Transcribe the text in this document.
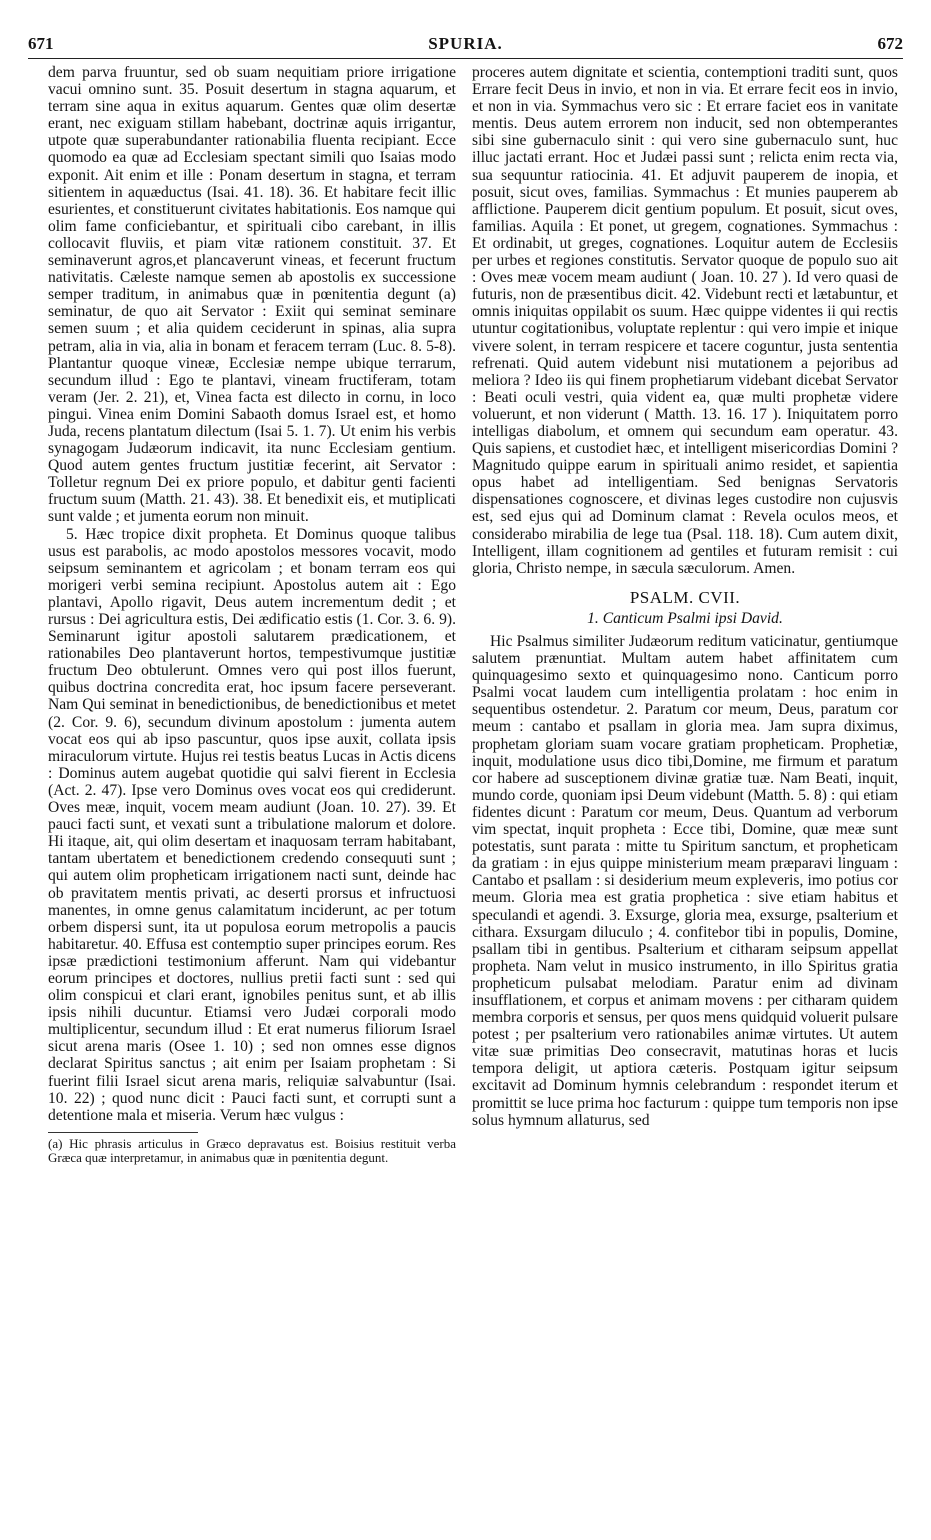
671	SPURIA.	672

dem parva fruuntur, sed ob suam nequitiam priore irrigatione vacui omnino sunt. 35. Posuit desertum in stagna aquarum, et terram sine aqua in exitus aquarum. Gentes quæ olim desertæ erant, nec exiguam stillam habebant, doctrinæ aquis irrigantur, utpote quæ superabundanter rationabilia fluenta recipiant. Ecce quomodo ea quæ ad Ecclesiam spectant simili quo Isaias modo exponit. Ait enim et ille : Ponam desertum in stagna, et terram sitientem in aquæductus (Isai. 41. 18). 36. Et habitare fecit illic esurientes, et constituerunt civitates habitationis. Eos namque qui olim fame conficiebantur, et spirituali cibo carebant, in illis collocavit fluviis, et piam vitæ rationem constituit. 37. Et seminaverunt agros,et plancaverunt vineas, et fecerunt fructum nativitatis. Cæleste namque semen ab apostolis ex successione semper traditum, in animabus quæ in pœnitentia degunt (a) seminatur, de quo ait Servator : Exiit qui seminat seminare semen suum ; et alia quidem ceciderunt in spinas, alia supra petram, alia in via, alia in bonam et feracem terram (Luc. 8. 5-8). Plantantur quoque vineæ, Ecclesiæ nempe ubique terrarum, secundum illud : Ego te plantavi, vineam fructiferam, totam veram (Jer. 2. 21), et, Vinea facta est dilecto in cornu, in loco pingui. Vinea enim Domini Sabaoth domus Israel est, et homo Juda, recens plantatum dilectum (Isai 5. 1. 7). Ut enim his verbis synagogam Judæorum indicavit, ita nunc Ecclesiam gentium. Quod autem gentes fructum justitiæ fecerint, ait Servator : Tolletur regnum Dei ex priore populo, et dabitur genti facienti fructum suum (Matth. 21. 43). 38. Et benedixit eis, et mutiplicati sunt valde ; et jumenta eorum non minuit.

5. Hæc tropice dixit propheta. Et Dominus quoque talibus usus est parabolis, ac modo apostolos messores vocavit, modo seipsum seminantem et agricolam ; et bonam terram eos qui morigeri verbi semina recipiunt. Apostolus autem ait : Ego plantavi, Apollo rigavit, Deus autem incrementum dedit ; et rursus : Dei agricultura estis, Dei ædificatio estis (1. Cor. 3. 6. 9). Seminarunt igitur apostoli salutarem prædicationem, et rationabiles Deo plantaverunt hortos, tempestivumque justitiæ fructum Deo obtulerunt. Omnes vero qui post illos fuerunt, quibus doctrina concredita erat, hoc ipsum facere perseverant. Nam Qui seminat in benedictionibus, de benedictionibus et metet (2. Cor. 9. 6), secundum divinum apostolum : jumenta autem vocat eos qui ab ipso pascuntur, quos ipse auxit, collata ipsis miraculorum virtute. Hujus rei testis beatus Lucas in Actis dicens : Dominus autem augebat quotidie qui salvi fierent in Ecclesia (Act. 2. 47). Ipse vero Dominus oves vocat eos qui crediderunt. Oves meæ, inquit, vocem meam audiunt (Joan. 10. 27). 39. Et pauci facti sunt, et vexati sunt a tribulatione malorum et dolore. Hi itaque, ait, qui olim desertam et inaquosam terram habitabant, tantam ubertatem et benedictionem credendo consequuti sunt ; qui autem olim propheticam irrigationem nacti sunt, deinde hac ob pravitatem mentis privati, ac deserti prorsus et infructuosi manentes, in omne genus calamitatum inciderunt, ac per totum orbem dispersi sunt, ita ut populosa eorum metropolis a paucis habitaretur. 40. Effusa est contemptio super principes eorum. Res ipsæ prædictioni testimonium afferunt. Nam qui videbantur eorum principes et doctores, nullius pretii facti sunt : sed qui olim conspicui et clari erant, ignobiles penitus sunt, et ab illis ipsis nihili ducuntur. Etiamsi vero Judæi corporali modo multiplicentur, secundum illud : Et erat numerus filiorum Israel sicut arena maris (Osee 1. 10) ; sed non omnes esse dignos declarat Spiritus sanctus ; ait enim per Isaiam prophetam : Si fuerint filii Israel sicut arena maris, reliquiæ salvabuntur (Isai. 10. 22) ; quod nunc dicit : Pauci facti sunt, et corrupti sunt a detentione mala et miseria. Verum hæc vulgus :

(a) Hic phrasis articulus in Græco depravatus est. Boisius restituit verba Græca quæ interpretamur, in animabus quæ in pœnitentia degunt.

proceres autem dignitate et scientia, contemptioni traditi sunt, quos Errare fecit Deus in invio, et non in via. Et errare fecit eos in invio, et non in via. Symmachus vero sic : Et errare faciet eos in vanitate mentis. Deus autem errorem non inducit, sed non obtemperantes sibi sine gubernaculo sinit : qui vero sine gubernaculo sunt, huc illuc jactati errant. Hoc et Judæi passi sunt ; relicta enim recta via, sua sequuntur ratiocinia. 41. Et adjuvit pauperem de inopia, et posuit, sicut oves, familias. Symmachus : Et munies pauperem ab afflictione. Pauperem dicit gentium populum. Et posuit, sicut oves, familias. Aquila : Et ponet, ut gregem, cognationes. Symmachus : Et ordinabit, ut greges, cognationes. Loquitur autem de Ecclesiis per urbes et regiones constitutis. Servator quoque de populo suo ait : Oves meæ vocem meam audiunt ( Joan. 10. 27 ). Id vero quasi de futuris, non de præsentibus dicit. 42. Videbunt recti et lætabuntur, et omnis iniquitas oppilabit os suum. Hæc quippe videntes ii qui rectis utuntur cogitationibus, voluptate replentur : qui vero impie et inique vivere solent, in terram respicere et tacere coguntur, justa sententia refrenati. Quid autem videbunt nisi mutationem a pejoribus ad meliora ? Ideo iis qui finem prophetiarum videbant dicebat Servator : Beati oculi vestri, quia vident ea, quæ multi prophetæ videre voluerunt, et non viderunt ( Matth. 13. 16. 17 ). Iniquitatem porro intelligas diabolum, et omnem qui secundum eam operatur. 43. Quis sapiens, et custodiet hæc, et intelligent misericordias Domini ? Magnitudo quippe earum in spirituali animo residet, et sapientia opus habet ad intelligentiam. Sed benignas Servatoris dispensationes cognoscere, et divinas leges custodire non cujusvis est, sed ejus qui ad Dominum clamat : Revela oculos meos, et considerabo mirabilia de lege tua (Psal. 118. 18). Cum autem dixit, Intelligent, illam cognitionem ad gentiles et futuram remisit : cui gloria, Christo nempe, in sæcula sæculorum. Amen.

PSALM. CVII.
1. Canticum Psalmi ipsi David.

Hic Psalmus similiter Judæorum reditum vaticinatur, gentiumque salutem prænuntiat. Multam autem habet affinitatem cum quinquagesimo sexto et quinquagesimo nono. Canticum porro Psalmi vocat laudem cum intelligentia prolatam : hoc enim in sequentibus ostendetur. 2. Paratum cor meum, Deus, paratum cor meum : cantabo et psallam in gloria mea. Jam supra diximus, prophetam gloriam suam vocare gratiam propheticam. Prophetiæ, inquit, modulatione usus dico tibi,Domine, me firmum et paratum cor habere ad susceptionem divinæ gratiæ tuæ. Nam Beati, inquit, mundo corde, quoniam ipsi Deum videbunt (Matth. 5. 8) : qui etiam fidentes dicunt : Paratum cor meum, Deus. Quantum ad verborum vim spectat, inquit propheta : Ecce tibi, Domine, quæ meæ sunt potestatis, sunt parata : mitte tu Spiritum sanctum, et propheticam da gratiam : in ejus quippe ministerium meam præparavi linguam : Cantabo et psallam : si desiderium meum expleveris, imo potius cor meum. Gloria mea est gratia prophetica : sive etiam habitus et speculandi et agendi. 3. Exsurge, gloria mea, exsurge, psalterium et cithara. Exsurgam diluculo ; 4. confitebor tibi in populis, Domine, psallam tibi in gentibus. Psalterium et citharam seipsum appellat propheta. Nam velut in musico instrumento, in illo Spiritus gratia propheticum pulsabat melodiam. Paratur enim ad divinam insufflationem, et corpus et animam movens : per citharam quidem membra corporis et sensus, per quos mens quidquid voluerit pulsare potest ; per psalterium vero rationabiles animæ virtutes. Ut autem vitæ suæ primitias Deo consecravit, matutinas horas et lucis tempora deligit, ut aptiora cæteris. Postquam igitur seipsum excitavit ad Dominum hymnis celebrandum : respondet iterum et promittit se luce prima hoc facturum : quippe tum temporis non ipse solus hymnum allaturus, sed
